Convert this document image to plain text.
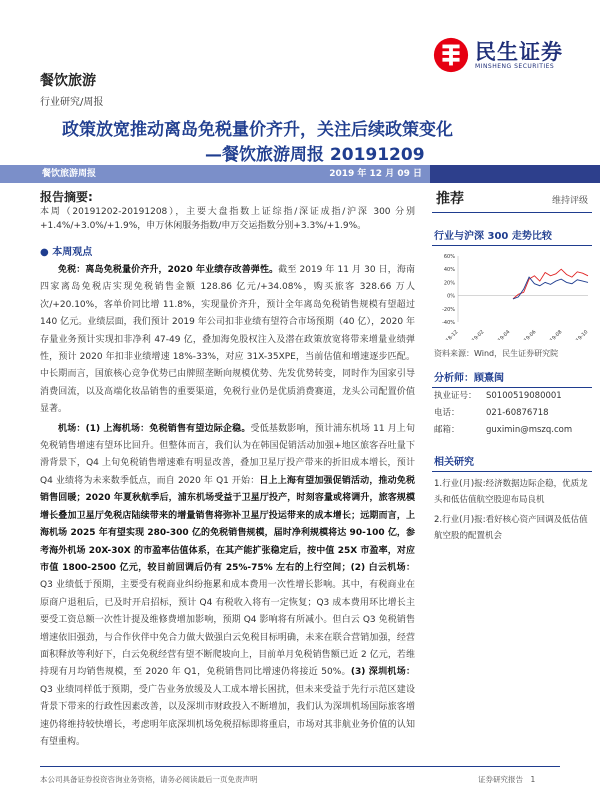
民生证券
MINSHENG SECURITIES
餐饮旅游
行业研究/周报
政策放宽推动离岛免税量价齐升，关注后续政策变化
—餐饮旅游周报 20191209
餐饮旅游周报	2019 年 12 月 09 日
报告摘要:
本周（20191202-20191208），主要大盘指数上证综指/深证成指/沪深 300 分别+1.4%/+3.0%/+1.9%，申万休闲服务指数/申万交运指数分别+3.3%/+1.9%。
● 本周观点

免税：离岛免税量价齐升，2020 年业绩存改善弹性。截至 2019 年 11 月 30 日，海南四家离岛免税店实现免税销售金额 128.86 亿元/+34.08%，购买旅客 328.66 万人次/+20.10%，客单价同比增 11.8%，实现量价齐升，预计全年离岛免税销售规模有望超过 140 亿元。业绩层面，我们预计 2019 年公司扣非业绩有望符合市场预期（40 亿），2020 年存量业务预计实现扣非净利 47-49 亿，叠加海免股权注入及潜在政策放宽将带来增量业绩弹性，预计 2020 年扣非业绩增速 18%-33%，对应 31X-35XPE，当前估值和增速逐步匹配。中长期而言，国旅核心竞争优势已由牌照垄断向规模优势、先发优势转变，同时作为国家引导消费回流，以及高端化妆品销售的重要渠道，免税行业仍是优质消费赛道，龙头公司配置价值显著。

机场：(1) 上海机场：免税销售有望边际企稳。受低基数影响，预计浦东机场 11 月上旬免税销售增速有望环比回升。但整体而言，我们认为在韩国促销活动加强+地区旅客吞吐量下滑背景下，Q4 上旬免税销售增速难有明显改善，叠加卫星厅投产带来的折旧成本增长，预计 Q4 业绩将为未来数季低点，而自 2020 年 Q1 开始：日上上海有望加强促销活动，推动免税销售回暖；2020 年夏秋航季后，浦东机场受益于卫星厅投产，时刻容量或将调升，旅客规模增长叠加卫星厅免税店陆续带来的增量销售将弥补卫星厅投运带来的成本增长；远期而言，上海机场 2025 年有望实现 280-300 亿的免税销售规模，届时净利规模将达 90-100 亿，参考海外机场 20X-30X 的市盈率估值体系，在其产能扩张稳定后，按中值 25X 市盈率，对应市值 1800-2500 亿元，较目前回调后仍有 25%-75% 左右的上行空间；(2) 白云机场：Q3 业绩低于预期，主要受有税商业纠纷拖累和成本费用一次性增长影响。其中，有税商业在原商户退租后，已及时开启招标，预计 Q4 有税收入将有一定恢复；Q3 成本费用环比增长主要受工资总额一次性计提及维修费增加影响，预期 Q4 影响将有所减小。但白云 Q3 免税销售增速依旧强劲，与合作伙伴中免合力做大做强白云免税目标明确，未来在联合营销加强，经营面积释放等利好下，白云免税经营有望不断爬坡向上，目前单月免税销售额已近 2 亿元，若维持现有月均销售规模，至 2020 年 Q1，免税销售同比增速仍将接近 50%。(3) 深圳机场：Q3 业绩同样低于预期，受广告业务放缓及人工成本增长困扰，但未来受益于先行示范区建设背景下带来的行政性因素改善，以及深圳市财政投入不断增加，我们认为深圳机场国际旅客增速仍将维持较快增长，考虑明年底深圳机场免税招标即将重启，市场对其非航业务价值的认知有望重构。

推荐	维持评级
行业与沪深 300 走势比较
60%
40%
20%
0%
-20%
-40%
18-12 19-02 19-04 19-06 19-08 19-10
资料来源：Wind，民生证券研究院
分析师：顾熹闽
执业证号：	S0100519080001
电话：	021-60876718
邮箱：	guximin@mszq.com
相关研究
1.行业(月)报:经济数据边际企稳，优质龙头和低估值航空股迎布局良机
2.行业(月)报:看好核心资产回调及低估值航空股的配置机会
本公司具备证券投资咨询业务资格，请务必阅读最后一页免责声明	证券研究报告　1
